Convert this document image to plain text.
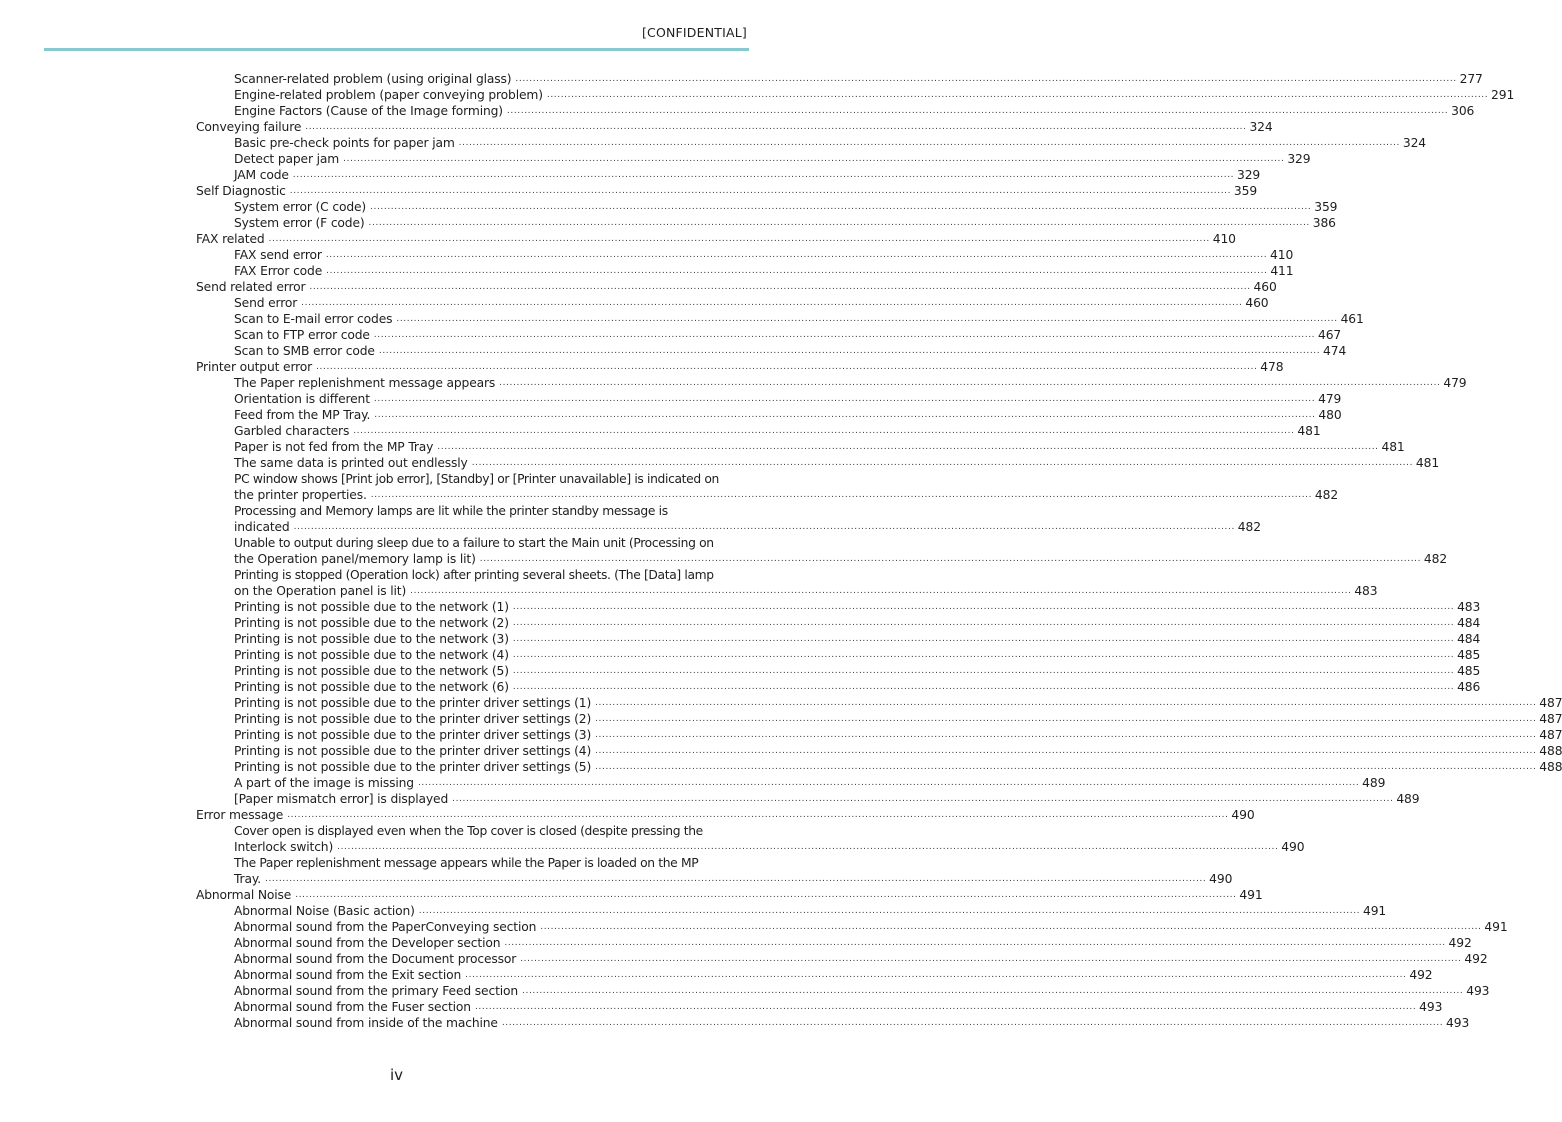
[CONFIDENTIAL]
Scanner-related problem (using original glass) .....	277
Engine-related problem (paper conveying problem) .....	291
Engine Factors (Cause of the Image forming) .....	306
Conveying failure .....	324
Basic pre-check points for paper jam .....	324
Detect paper jam .....	329
JAM code .....	329
Self Diagnostic .....	359
System error (C code) .....	359
System error (F code) .....	386
FAX related .....	410
FAX send error .....	410
FAX Error code .....	411
Send related error .....	460
Send error .....	460
Scan to E-mail error codes .....	461
Scan to FTP error code .....	467
Scan to SMB error code .....	474
Printer output error .....	478
The Paper replenishment message appears .....	479
Orientation is different .....	479
Feed from the MP Tray. .....	480
Garbled characters .....	481
Paper is not fed from the MP Tray .....	481
The same data is printed out endlessly .....	481
PC window shows [Print job error], [Standby] or [Printer unavailable] is indicated on
the printer properties. .....	482
Processing and Memory lamps are lit while the printer standby message is
indicated .....	482
Unable to output during sleep due to a failure to start the Main unit (Processing on
the Operation panel/memory lamp is lit) .....	482
Printing is stopped (Operation lock) after printing several sheets. (The [Data] lamp
on the Operation panel is lit) .....	483
Printing is not possible due to the network (1) .....	483
Printing is not possible due to the network (2) .....	484
Printing is not possible due to the network (3) .....	484
Printing is not possible due to the network (4) .....	485
Printing is not possible due to the network (5) .....	485
Printing is not possible due to the network (6) .....	486
Printing is not possible due to the printer driver settings (1) .....	487
Printing is not possible due to the printer driver settings (2) .....	487
Printing is not possible due to the printer driver settings (3) .....	487
Printing is not possible due to the printer driver settings (4) .....	488
Printing is not possible due to the printer driver settings (5) .....	488
A part of the image is missing .....	489
[Paper mismatch error] is displayed .....	489
Error message .....	490
Cover open is displayed even when the Top cover is closed (despite pressing the
Interlock switch) .....	490
The Paper replenishment message appears while the Paper is loaded on the MP
Tray. .....	490
Abnormal Noise .....	491
Abnormal Noise (Basic action) .....	491
Abnormal sound from the PaperConveying section .....	491
Abnormal sound from the Developer section .....	492
Abnormal sound from the Document processor .....	492
Abnormal sound from the Exit section .....	492
Abnormal sound from the primary Feed section .....	493
Abnormal sound from the Fuser section .....	493
Abnormal sound from inside of the machine .....	493
iv
